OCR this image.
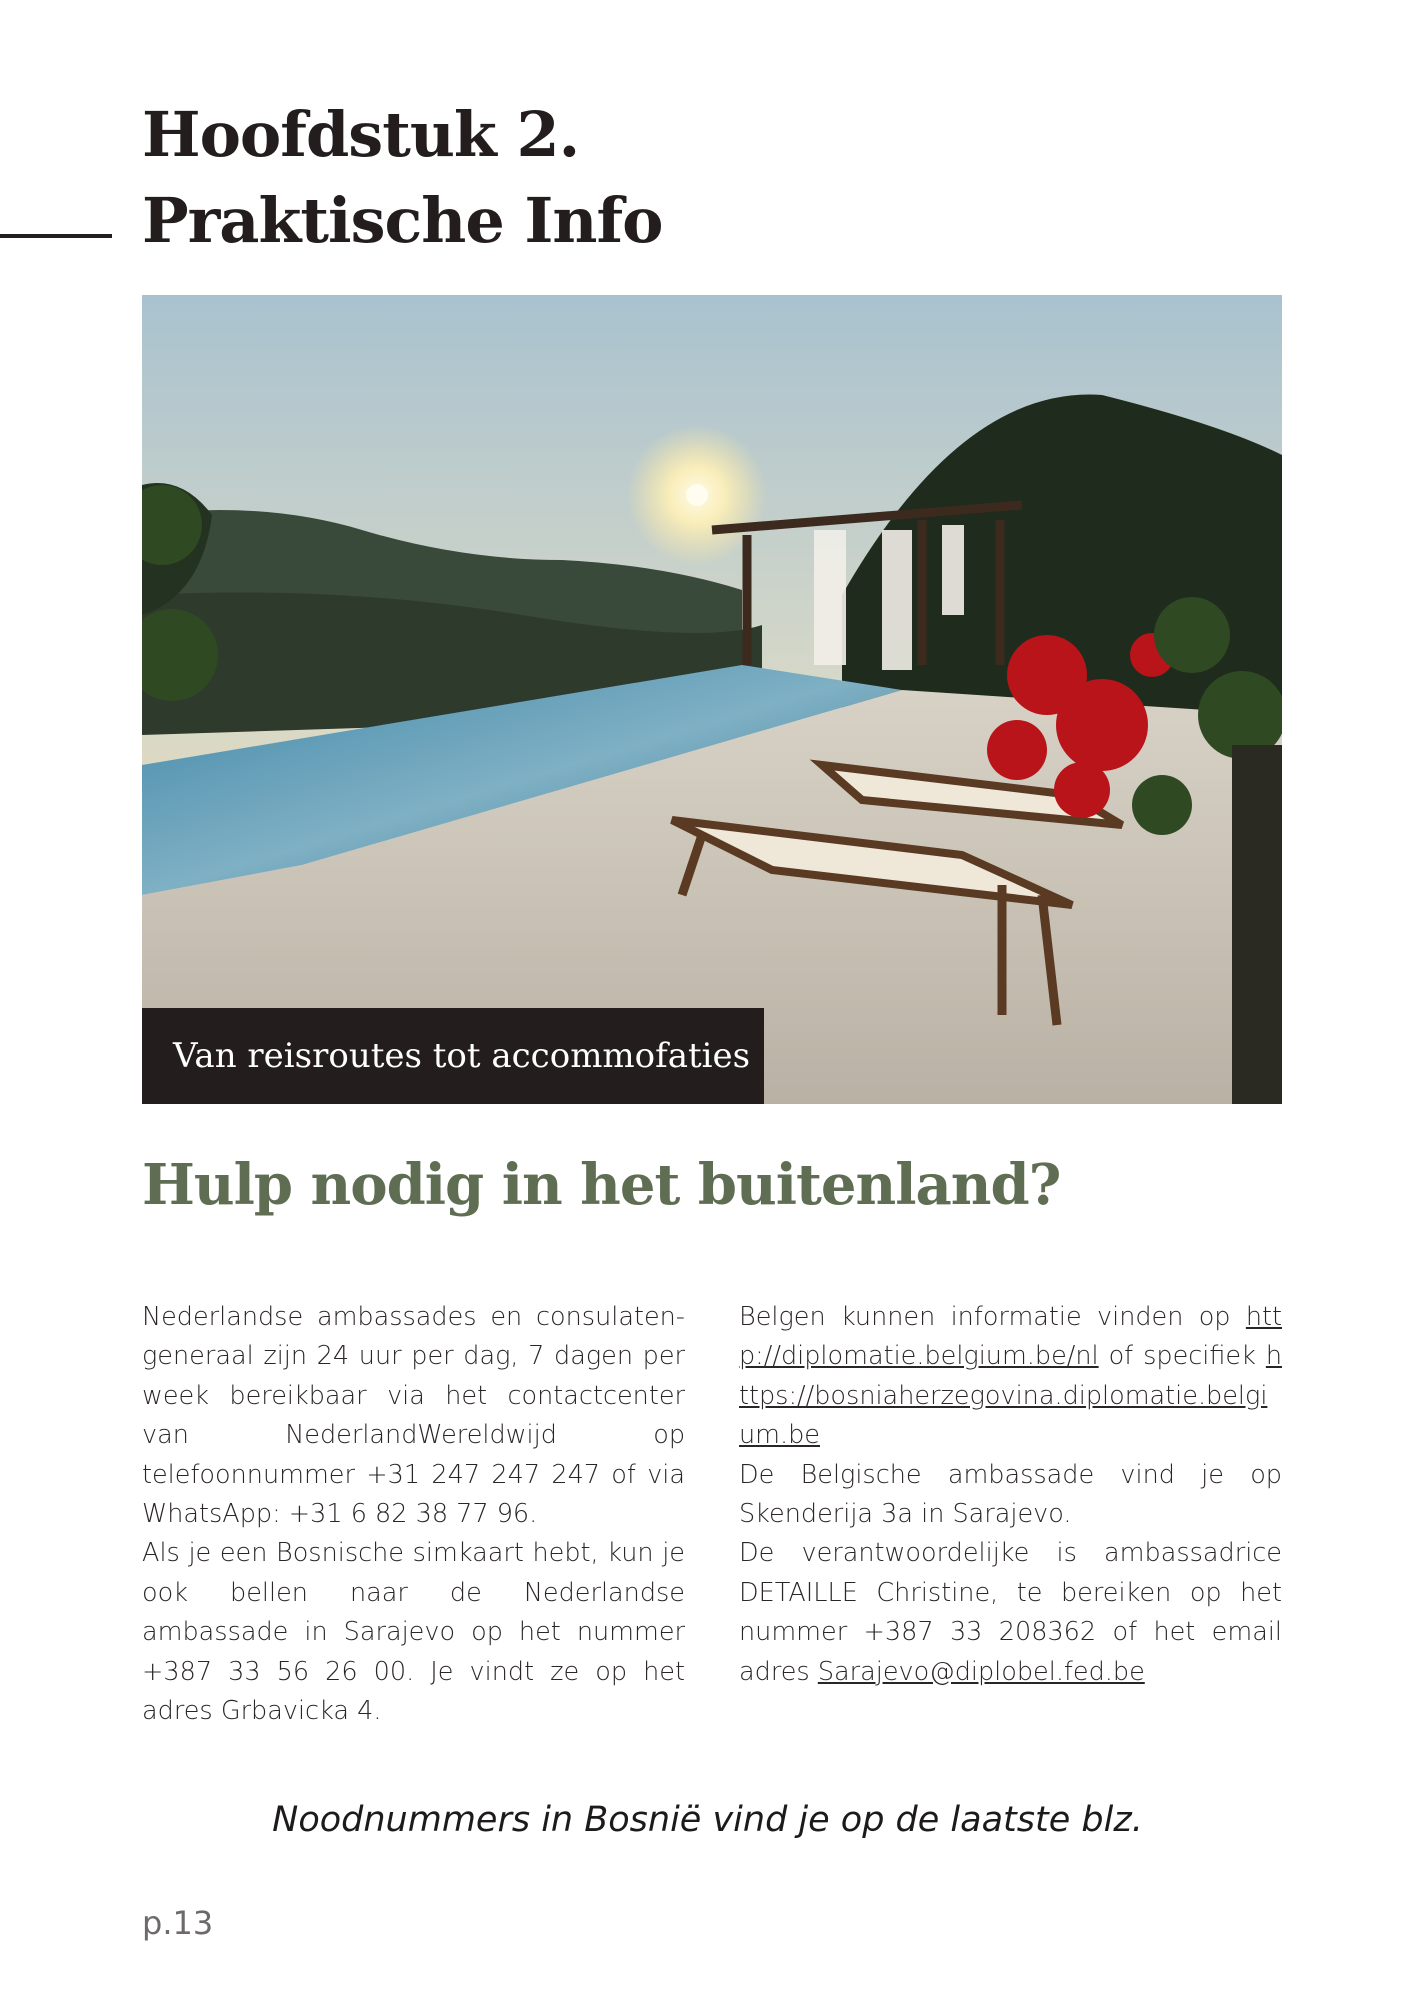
Hoofdstuk 2.
Praktische Info
Van reisroutes tot accommofaties
Hulp nodig in het buitenland?

Nederlandse ambassades en consulaten-generaal zijn 24 uur per dag, 7 dagen per week bereikbaar via het contactcenter van NederlandWereldwijd op telefoonnummer +31 247 247 247 of via WhatsApp: +31 6 82 38 77 96.

Als je een Bosnische simkaart hebt, kun je ook bellen naar de Nederlandse ambassade in Sarajevo op het nummer +387 33 56 26 00. Je vindt ze op het adres Grbavicka 4.

Belgen kunnen informatie vinden op http://diplomatie.belgium.be/nl of specifiek https://bosniaherzegovina.diplomatie.belgium.be

De Belgische ambassade vind je op Skenderija 3a in Sarajevo.

De verantwoordelijke is ambassadrice DETAILLE Christine, te bereiken op het nummer +387 33 208362 of het email adres Sarajevo@diplobel.fed.be

Noodnummers in Bosnië vind je op de laatste blz.
p.13
